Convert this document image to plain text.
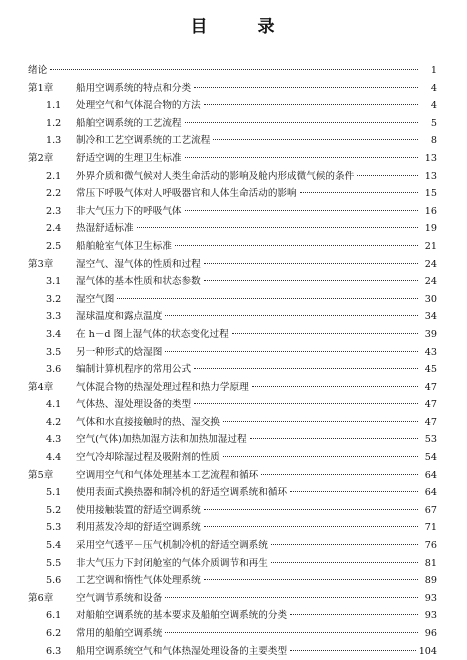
目 录
绪论	1
第1章	船用空调系统的特点和分类	4
1.1	处理空气和气体混合物的方法	4
1.2	船舶空调系统的工艺流程	5
1.3	制冷和工艺空调系统的工艺流程	8
第2章	舒适空调的生理卫生标准	13
2.1	外界介质和微气候对人类生命活动的影响及舱内形成微气候的条件	13
2.2	常压下呼吸气体对人呼吸器官和人体生命活动的影响	15
2.3	非大气压力下的呼吸气体	16
2.4	热湿舒适标准	19
2.5	船舶舱室气体卫生标准	21
第3章	湿空气、湿气体的性质和过程	24
3.1	湿气体的基本性质和状态参数	24
3.2	湿空气图	30
3.3	湿球温度和露点温度	34
3.4	在 h－d 图上湿气体的状态变化过程	39
3.5	另一种形式的焓湿图	43
3.6	编制计算机程序的常用公式	45
第4章	气体混合物的热湿处理过程和热力学原理	47
4.1	气体热、湿处理设备的类型	47
4.2	气体和水直接接触时的热、湿交换	47
4.3	空气(气体)加热加湿方法和加热加湿过程	53
4.4	空气冷却除湿过程及吸附剂的性质	54
第5章	空调用空气和气体处理基本工艺流程和循环	64
5.1	使用表面式换热器和制冷机的舒适空调系统和循环	64
5.2	使用接触装置的舒适空调系统	67
5.3	利用蒸发冷却的舒适空调系统	71
5.4	采用空气透平－压气机制冷机的舒适空调系统	76
5.5	非大气压力下封闭舱室的气体介质调节和再生	81
5.6	工艺空调和惰性气体处理系统	89
第6章	空气调节系统和设备	93
6.1	对船舶空调系统的基本要求及船舶空调系统的分类	93
6.2	常用的船舶空调系统	96
6.3	船用空调系统空气和气体热湿处理设备的主要类型	104
